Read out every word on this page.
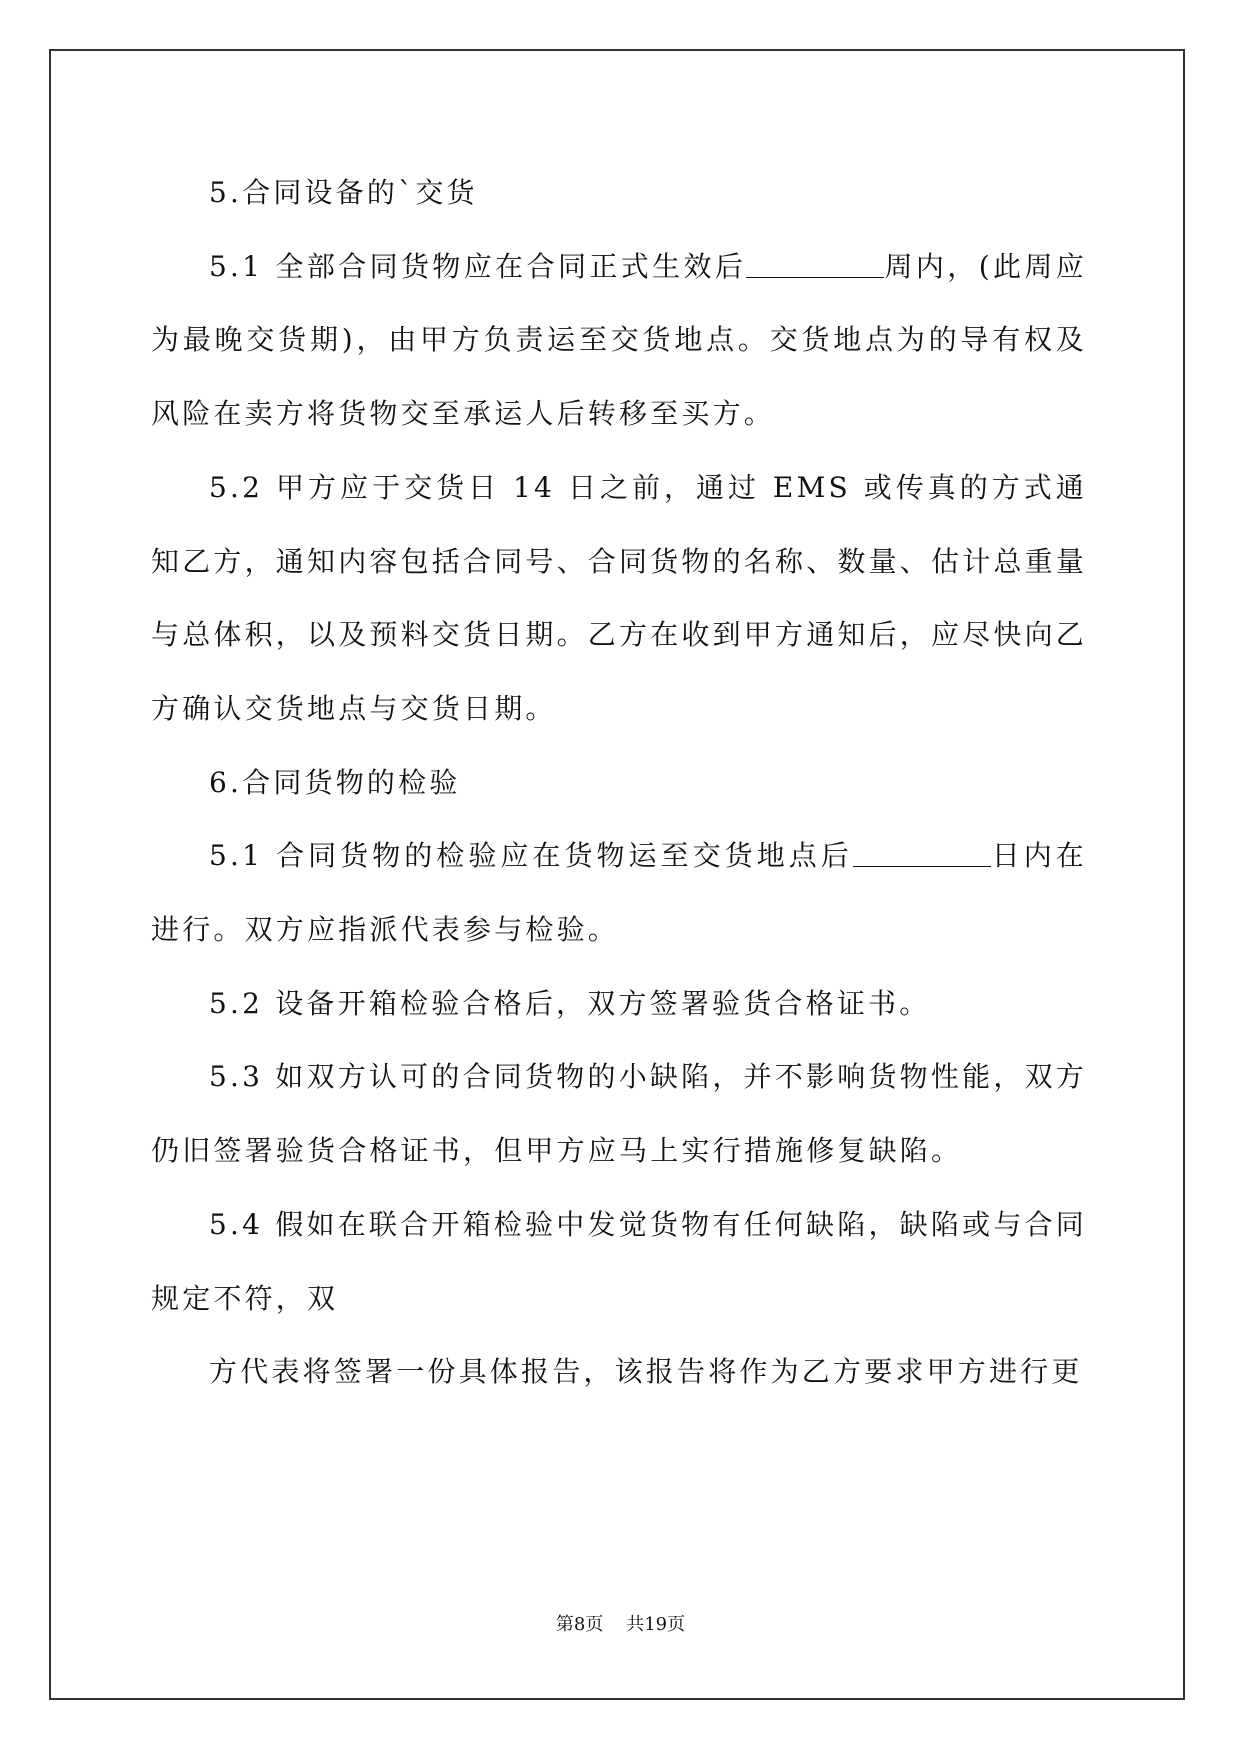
5.合同设备的`交货

5.1 全部合同货物应在合同正式生效后	周内，(此周应为最晚交货期)，由甲方负责运至交货地点。交货地点为的导有权及风险在卖方将货物交至承运人后转移至买方。

5.2 甲方应于交货日 14 日之前，通过 EMS 或传真的方式通知乙方，通知内容包括合同号、合同货物的名称、数量、估计总重量与总体积，以及预料交货日期。乙方在收到甲方通知后，应尽快向乙方确认交货地点与交货日期。

6.合同货物的检验

5.1 合同货物的检验应在货物运至交货地点后	日内在进行。双方应指派代表参与检验。

5.2 设备开箱检验合格后，双方签署验货合格证书。

5.3 如双方认可的合同货物的小缺陷，并不影响货物性能，双方仍旧签署验货合格证书，但甲方应马上实行措施修复缺陷。

5.4 假如在联合开箱检验中发觉货物有任何缺陷，缺陷或与合同规定不符，双

方代表将签署一份具体报告，该报告将作为乙方要求甲方进行更

第8页 共19页
